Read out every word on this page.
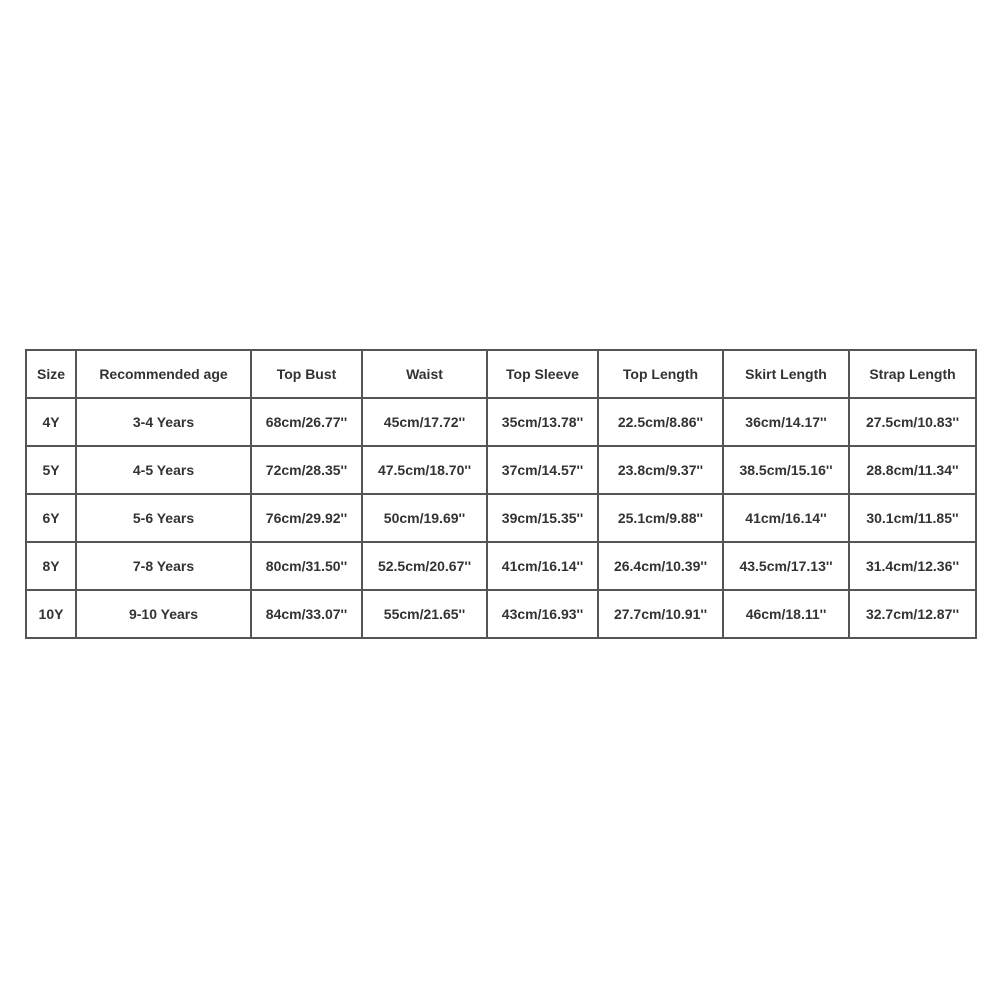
Size	Recommended age	Top Bust	Waist	Top Sleeve	Top Length	Skirt Length	Strap Length
4Y	3-4 Years	68cm/26.77''	45cm/17.72''	35cm/13.78''	22.5cm/8.86''	36cm/14.17''	27.5cm/10.83''
5Y	4-5 Years	72cm/28.35''	47.5cm/18.70''	37cm/14.57''	23.8cm/9.37''	38.5cm/15.16''	28.8cm/11.34''
6Y	5-6 Years	76cm/29.92''	50cm/19.69''	39cm/15.35''	25.1cm/9.88''	41cm/16.14''	30.1cm/11.85''
8Y	7-8 Years	80cm/31.50''	52.5cm/20.67''	41cm/16.14''	26.4cm/10.39''	43.5cm/17.13''	31.4cm/12.36''
10Y	9-10 Years	84cm/33.07''	55cm/21.65''	43cm/16.93''	27.7cm/10.91''	46cm/18.11''	32.7cm/12.87''
